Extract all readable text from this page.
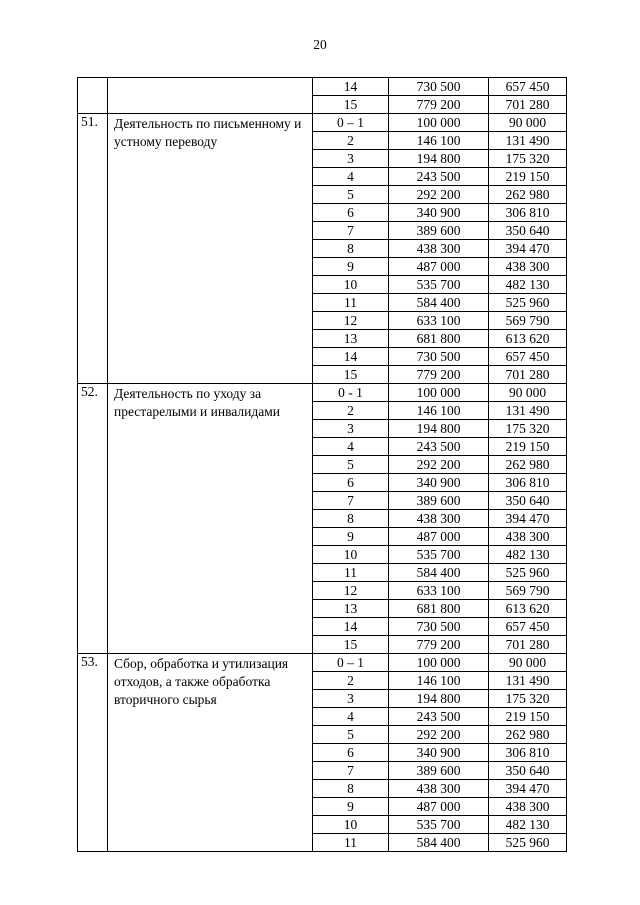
20
		14	730 500	657 450
		15	779 200	701 280
51.	Деятельность по письменному и устному переводу	0 – 1	100 000	90 000
		2	146 100	131 490
		3	194 800	175 320
		4	243 500	219 150
		5	292 200	262 980
		6	340 900	306 810
		7	389 600	350 640
		8	438 300	394 470
		9	487 000	438 300
		10	535 700	482 130
		11	584 400	525 960
		12	633 100	569 790
		13	681 800	613 620
		14	730 500	657 450
		15	779 200	701 280
52.	Деятельность по уходу за престарелыми и инвалидами	0 - 1	100 000	90 000
		2	146 100	131 490
		3	194 800	175 320
		4	243 500	219 150
		5	292 200	262 980
		6	340 900	306 810
		7	389 600	350 640
		8	438 300	394 470
		9	487 000	438 300
		10	535 700	482 130
		11	584 400	525 960
		12	633 100	569 790
		13	681 800	613 620
		14	730 500	657 450
		15	779 200	701 280
53.	Сбор, обработка и утилизация отходов, а также обработка вторичного сырья	0 – 1	100 000	90 000
		2	146 100	131 490
		3	194 800	175 320
		4	243 500	219 150
		5	292 200	262 980
		6	340 900	306 810
		7	389 600	350 640
		8	438 300	394 470
		9	487 000	438 300
		10	535 700	482 130
		11	584 400	525 960
